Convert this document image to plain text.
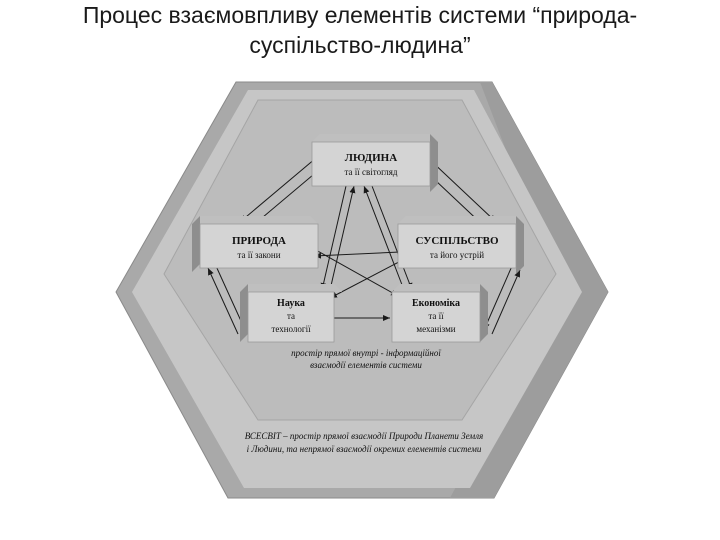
Процес взаємовпливу елементів системи “природа-
суспільство-людина”
ЛЮДИНА
та її світогляд
ПРИРОДА
та її закони
СУСПІЛЬСТВО
та його устрій
Наука
та
технології
Економіка
та її
механізми
простір прямої внутрі - інформаційної
взаємодії елементів системи
ВСЕСВІТ – простір прямої взаємодії Природи Планети Земля
і Людини, та непрямої взаємодії окремих елементів системи
